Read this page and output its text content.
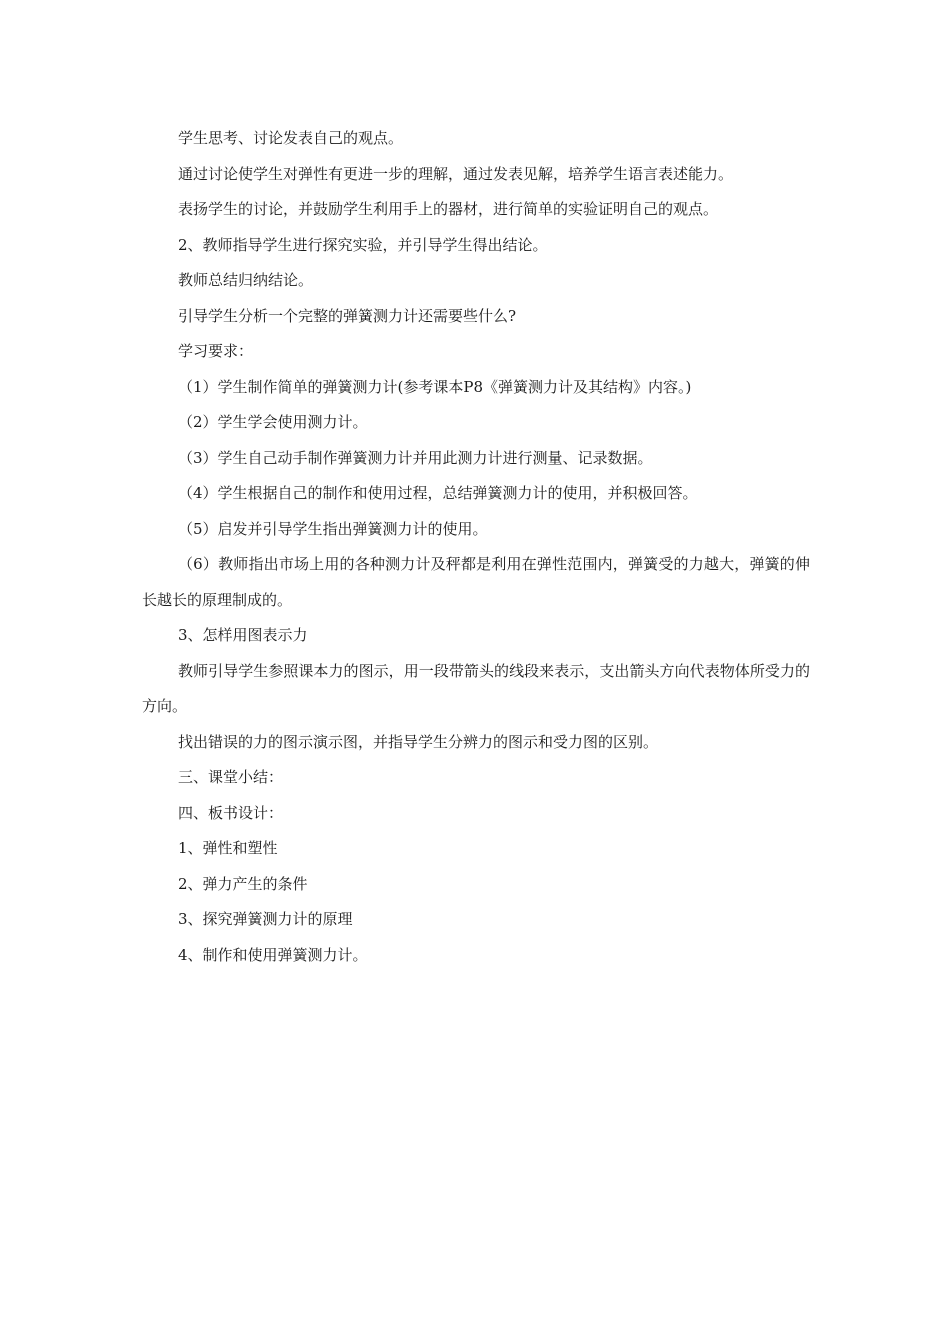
学生思考、讨论发表自己的观点。

通过讨论使学生对弹性有更进一步的理解，通过发表见解，培养学生语言表述能力。

表扬学生的讨论，并鼓励学生利用手上的器材，进行简单的实验证明自己的观点。

2、教师指导学生进行探究实验，并引导学生得出结论。

教师总结归纳结论。

引导学生分析一个完整的弹簧测力计还需要些什么?

学习要求：

（1）学生制作简单的弹簧测力计(参考课本P8《弹簧测力计及其结构》内容。)

（2）学生学会使用测力计。

（3）学生自己动手制作弹簧测力计并用此测力计进行测量、记录数据。

（4）学生根据自己的制作和使用过程，总结弹簧测力计的使用，并积极回答。

（5）启发并引导学生指出弹簧测力计的使用。

（6）教师指出市场上用的各种测力计及秤都是利用在弹性范围内，弹簧受的力越大，弹簧的伸长越长的原理制成的。

3、怎样用图表示力

教师引导学生参照课本力的图示，用一段带箭头的线段来表示，支出箭头方向代表物体所受力的方向。

找出错误的力的图示演示图，并指导学生分辨力的图示和受力图的区别。

三、课堂小结：

四、板书设计：

1、弹性和塑性

2、弹力产生的条件

3、探究弹簧测力计的原理

4、制作和使用弹簧测力计。
